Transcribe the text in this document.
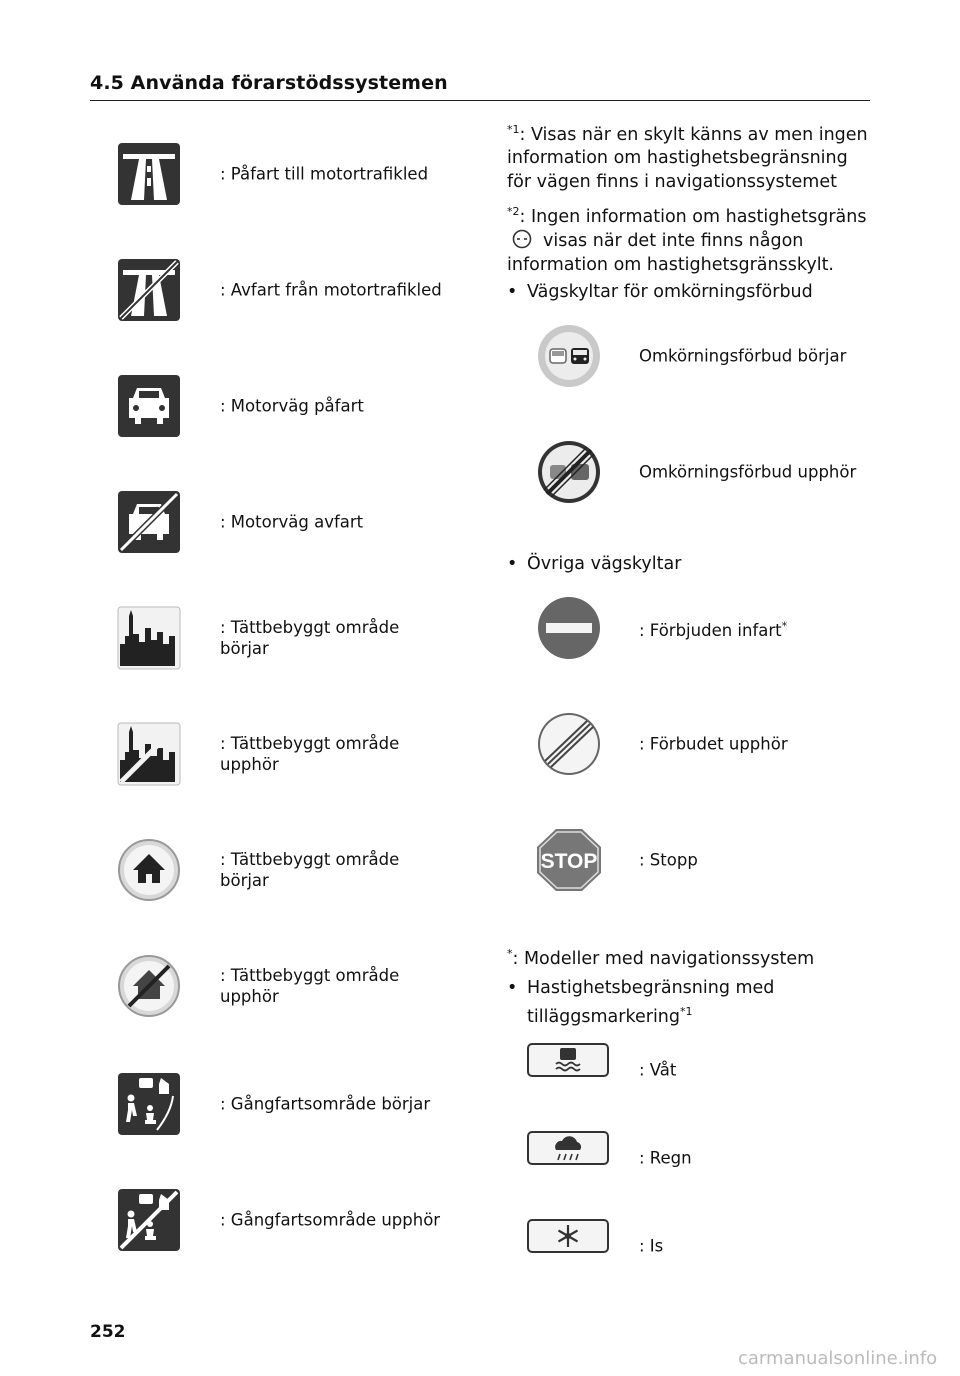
4.5 Använda förarstödssystemen
: Påfart till motortrafikled
: Avfart från motortrafikled
: Motorväg påfart
: Motorväg avfart
: Tättbebyggt område börjar
: Tättbebyggt område upphör
: Tättbebyggt område börjar
: Tättbebyggt område upphör
: Gångfartsområde börjar
: Gångfartsområde upphör
$^{*1}$: Visas när en skylt känns av men ingen information om hastighetsbegränsning för vägen finns i navigationssystemet
$^{*2}$: Ingen information om hastighetsgräns
visas när det inte finns någon information om hastighetsgränsskylt.
• Vägskyltar för omkörningsförbud
Omkörningsförbud börjar
Omkörningsförbud upphör
• Övriga vägskyltar
: Förbjuden infart*
: Förbudet upphör
STOP	: Stopp
*: Modeller med navigationssystem
• Hastighetsbegränsning med tilläggsmarkering$^{*1}$
: Våt
: Regn
: Is
252
carmanualsonline.info
